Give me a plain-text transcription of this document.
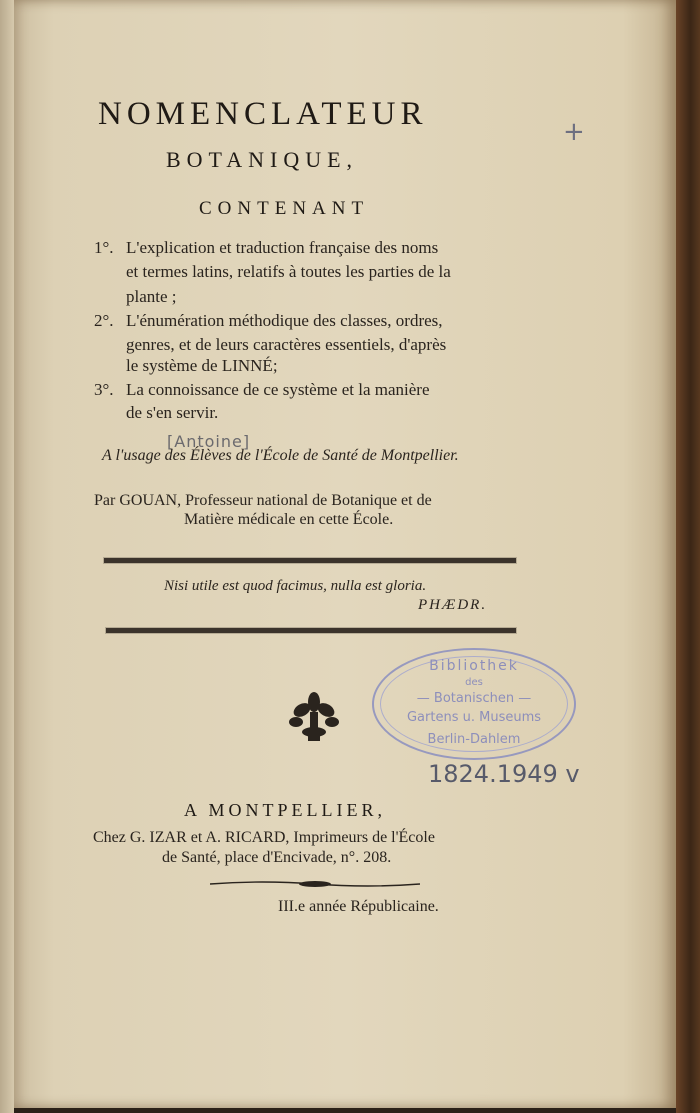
+
NOMENCLATEUR
BOTANIQUE,
CONTENANT
1°. L'explication et traduction française des noms
et termes latins, relatifs à toutes les parties de la
plante ;
2°. L'énumération méthodique des classes, ordres,
genres, et de leurs caractères essentiels, d'après
le système de LINNÉ;
3°. La connoissance de ce système et la manière
de s'en servir.
[Antoine]
A l'usage des Élèves de l'École de Santé de Montpellier.
Par GOUAN, Professeur national de Botanique et de
Matière médicale en cette École.
Nisi utile est quod facimus, nulla est gloria.
PHÆDR.
Bibliothek
des
— Botanischen —
Gartens u. Museums
Berlin-Dahlem
1824.1949 v
A MONTPELLIER,
Chez G. IZAR et A. RICARD, Imprimeurs de l'École
de Santé, place d'Encivade, n°. 208.
III.e année Républicaine.
